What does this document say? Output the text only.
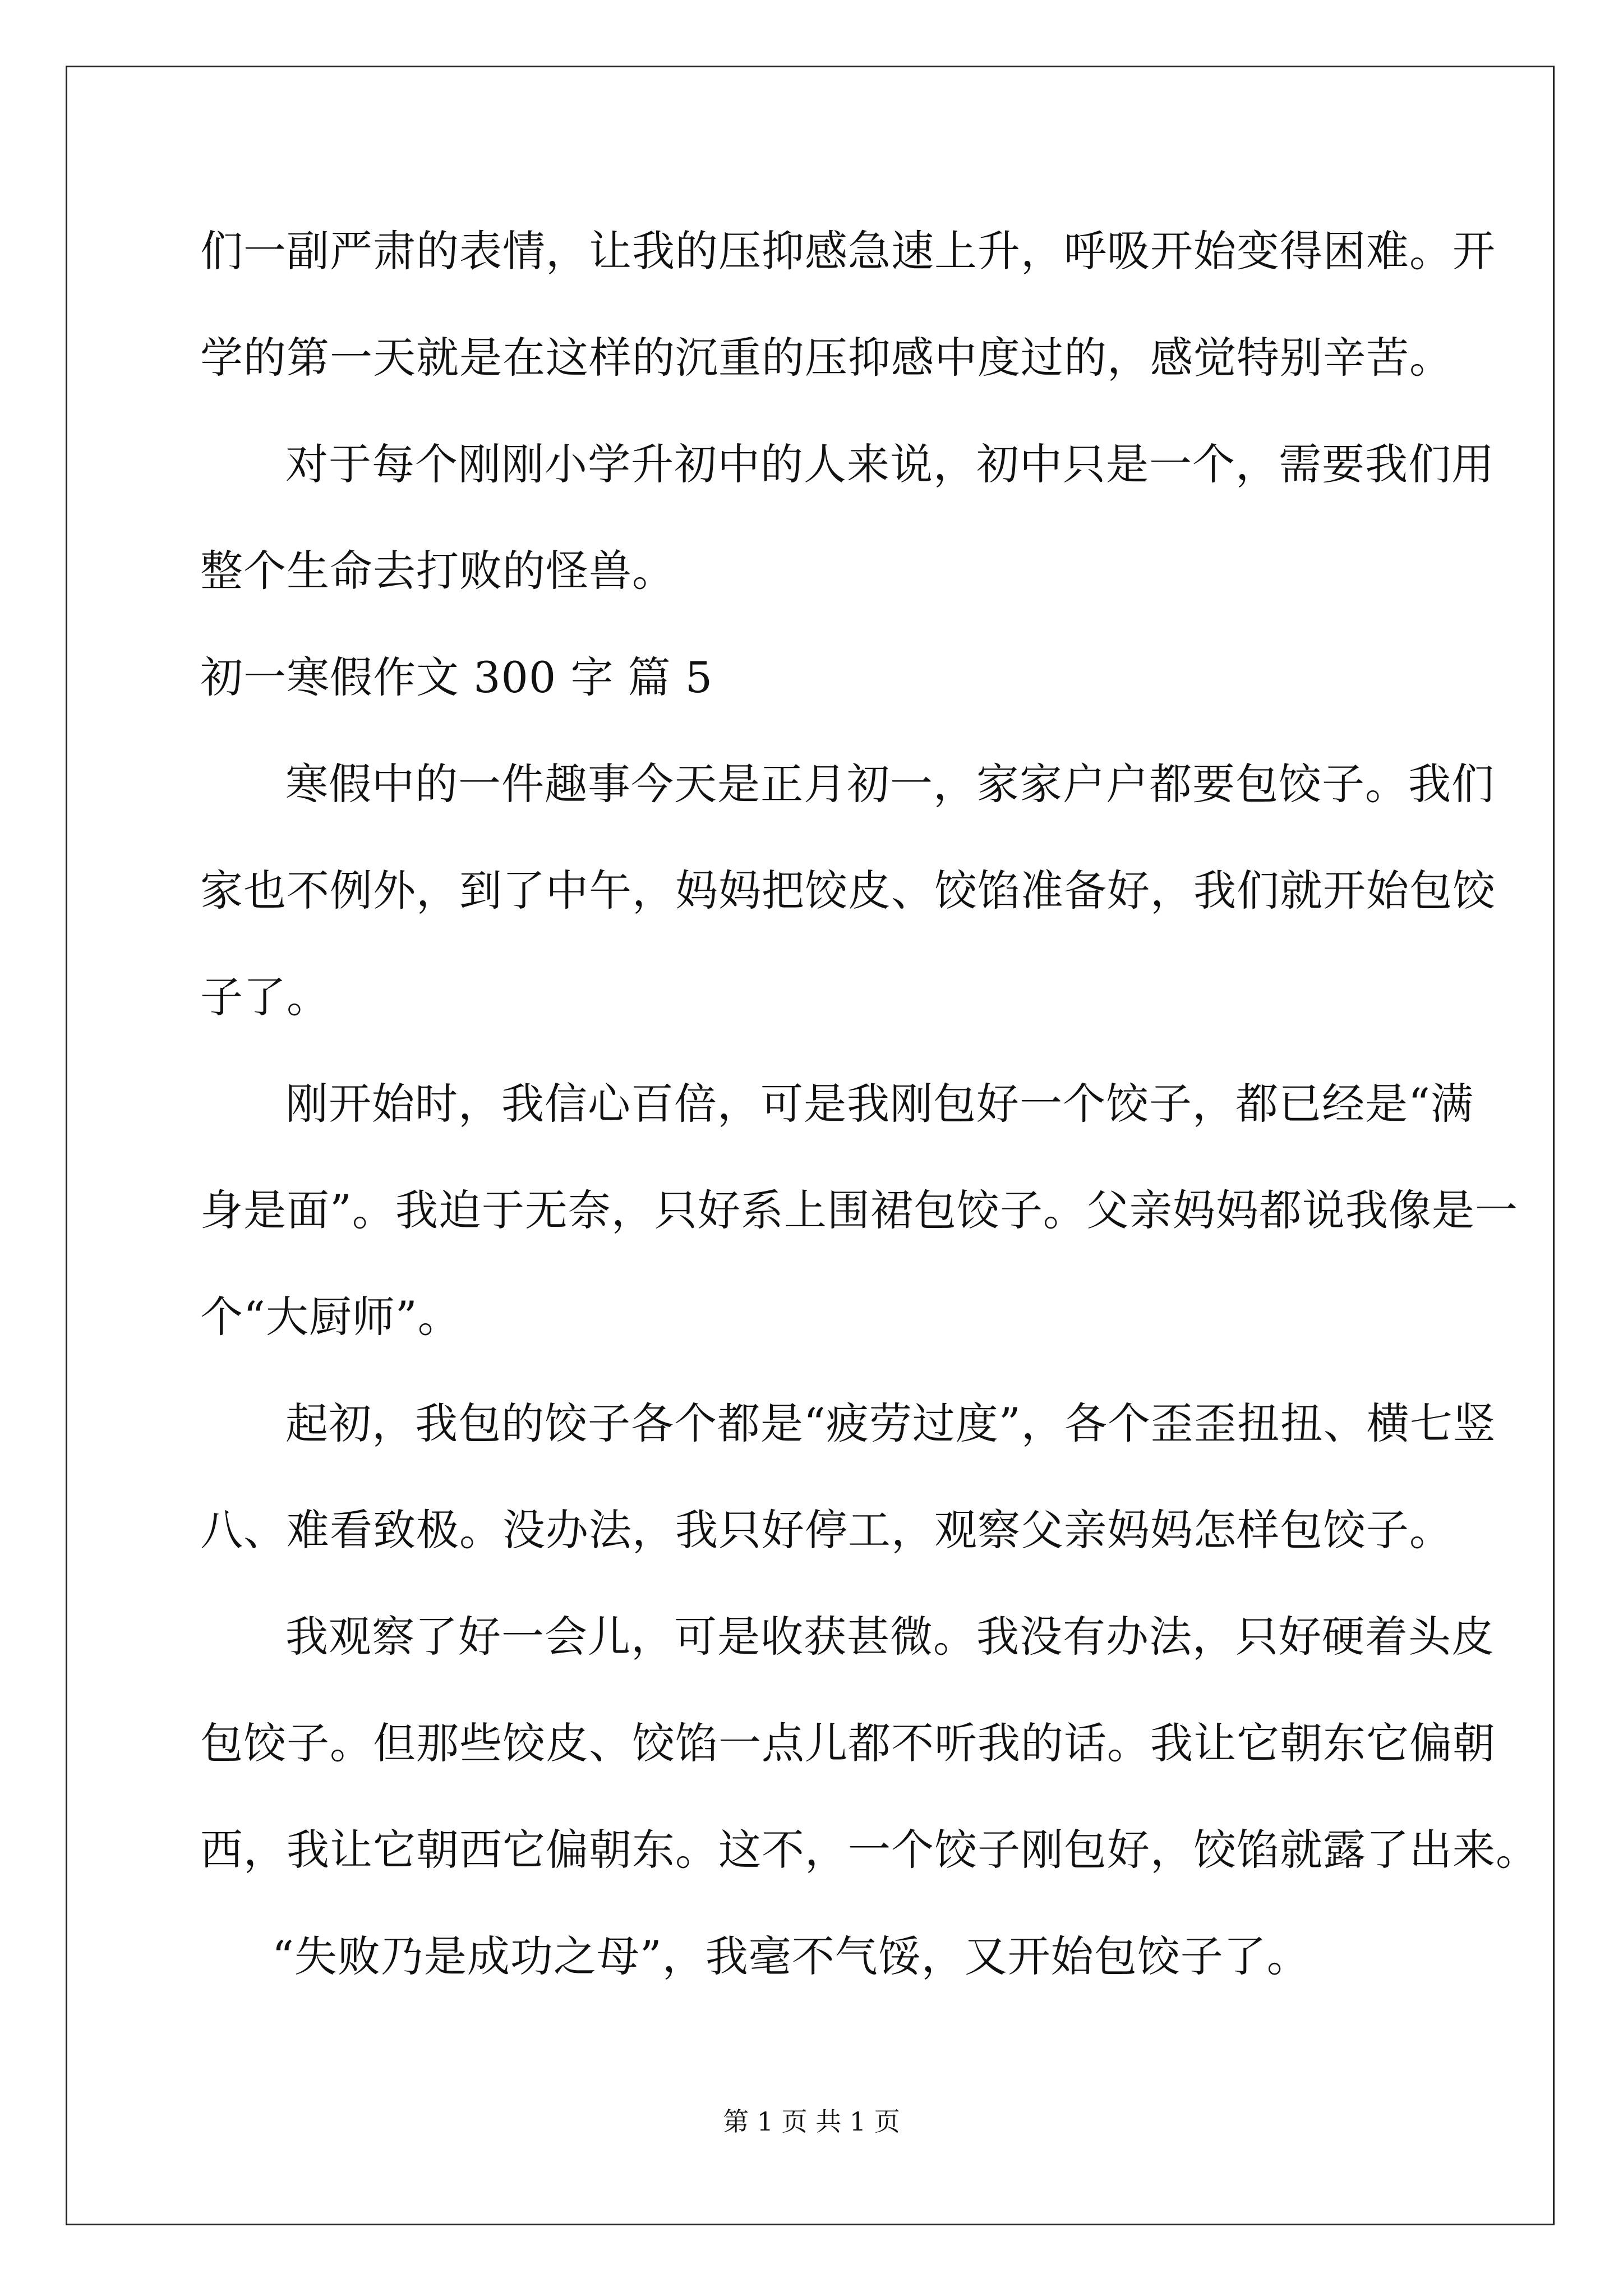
们一副严肃的表情，让我的压抑感急速上升，呼吸开始变得困难。开
学的第一天就是在这样的沉重的压抑感中度过的，感觉特别辛苦。
对于每个刚刚小学升初中的人来说，初中只是一个，需要我们用
整个生命去打败的怪兽。
初一寒假作文 300 字 篇 5
寒假中的一件趣事今天是正月初一，家家户户都要包饺子。我们
家也不例外，到了中午，妈妈把饺皮、饺馅准备好，我们就开始包饺
子了。
刚开始时，我信心百倍，可是我刚包好一个饺子，都已经是“满
身是面”。我迫于无奈，只好系上围裙包饺子。父亲妈妈都说我像是一
个“大厨师”。
起初，我包的饺子各个都是“疲劳过度”，各个歪歪扭扭、横七竖
八、难看致极。没办法，我只好停工，观察父亲妈妈怎样包饺子。
我观察了好一会儿，可是收获甚微。我没有办法，只好硬着头皮
包饺子。但那些饺皮、饺馅一点儿都不听我的话。我让它朝东它偏朝
西，我让它朝西它偏朝东。这不，一个饺子刚包好，饺馅就露了出来。
“失败乃是成功之母”，我毫不气馁，又开始包饺子了。
第 1 页 共 1 页
